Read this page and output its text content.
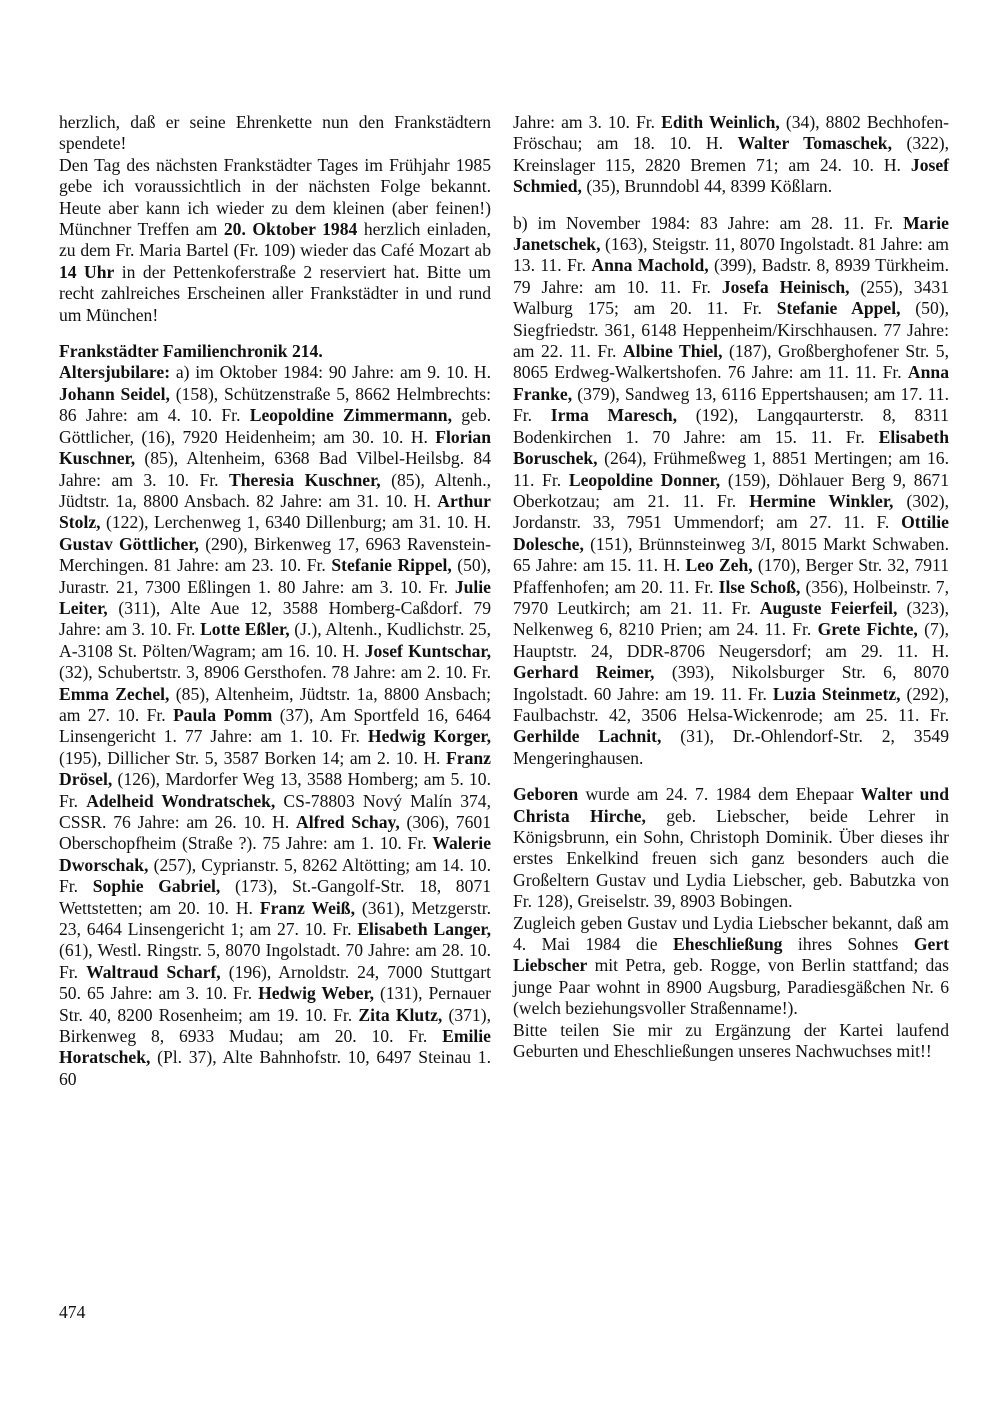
herzlich, daß er seine Ehrenkette nun den Frankstädtern spendete!

Den Tag des nächsten Frankstädter Tages im Frühjahr 1985 gebe ich voraussichtlich in der nächsten Folge bekannt. Heute aber kann ich wieder zu dem kleinen (aber feinen!) Münchner Treffen am 20. Oktober 1984 herzlich einladen, zu dem Fr. Maria Bartel (Fr. 109) wieder das Café Mozart ab 14 Uhr in der Pettenkoferstraße 2 reserviert hat. Bitte um recht zahlreiches Erscheinen aller Frankstädter in und rund um München!

Frankstädter Familienchronik 214.

Altersjubilare: a) im Oktober 1984: 90 Jahre: am 9. 10. H. Johann Seidel, (158), Schützenstraße 5, 8662 Helmbrechts: 86 Jahre: am 4. 10. Fr. Leopoldine Zimmermann, geb. Göttlicher, (16), 7920 Heidenheim; am 30. 10. H. Florian Kuschner, (85), Altenheim, 6368 Bad Vilbel-Heilsbg. 84 Jahre: am 3. 10. Fr. Theresia Kuschner, (85), Altenh., Jüdtstr. 1a, 8800 Ansbach. 82 Jahre: am 31. 10. H. Arthur Stolz, (122), Lerchenweg 1, 6340 Dillenburg; am 31. 10. H. Gustav Göttlicher, (290), Birkenweg 17, 6963 Ravenstein-Merchingen. 81 Jahre: am 23. 10. Fr. Stefanie Rippel, (50), Jurastr. 21, 7300 Eßlingen 1. 80 Jahre: am 3. 10. Fr. Julie Leiter, (311), Alte Aue 12, 3588 Homberg-Caßdorf. 79 Jahre: am 3. 10. Fr. Lotte Eßler, (J.), Altenh., Kudlichstr. 25, A-3108 St. Pölten/Wagram; am 16. 10. H. Josef Kuntschar, (32), Schubertstr. 3, 8906 Gersthofen. 78 Jahre: am 2. 10. Fr. Emma Zechel, (85), Altenheim, Jüdtstr. 1a, 8800 Ansbach; am 27. 10. Fr. Paula Pomm (37), Am Sportfeld 16, 6464 Linsengericht 1. 77 Jahre: am 1. 10. Fr. Hedwig Korger, (195), Dillicher Str. 5, 3587 Borken 14; am 2. 10. H. Franz Drösel, (126), Mardorfer Weg 13, 3588 Homberg; am 5. 10. Fr. Adelheid Wondratschek, CS-78803 Nový Malín 374, CSSR. 76 Jahre: am 26. 10. H. Alfred Schay, (306), 7601 Oberschopfheim (Straße ?). 75 Jahre: am 1. 10. Fr. Walerie Dworschak, (257), Cyprianstr. 5, 8262 Altötting; am 14. 10. Fr. Sophie Gabriel, (173), St.-Gangolf-Str. 18, 8071 Wettstetten; am 20. 10. H. Franz Weiß, (361), Metzgerstr. 23, 6464 Linsengericht 1; am 27. 10. Fr. Elisabeth Langer, (61), Westl. Ringstr. 5, 8070 Ingolstadt. 70 Jahre: am 28. 10. Fr. Waltraud Scharf, (196), Arnoldstr. 24, 7000 Stuttgart 50. 65 Jahre: am 3. 10. Fr. Hedwig Weber, (131), Pernauer Str. 40, 8200 Rosenheim; am 19. 10. Fr. Zita Klutz, (371), Birkenweg 8, 6933 Mudau; am 20. 10. Fr. Emilie Horatschek, (Pl. 37), Alte Bahnhofstr. 10, 6497 Steinau 1. 60

Jahre: am 3. 10. Fr. Edith Weinlich, (34), 8802 Bechhofen-Fröschau; am 18. 10. H. Walter Tomaschek, (322), Kreinslager 115, 2820 Bremen 71; am 24. 10. H. Josef Schmied, (35), Brunndobl 44, 8399 Kößlarn.

b) im November 1984: 83 Jahre: am 28. 11. Fr. Marie Janetschek, (163), Steigstr. 11, 8070 Ingolstadt. 81 Jahre: am 13. 11. Fr. Anna Machold, (399), Badstr. 8, 8939 Türkheim. 79 Jahre: am 10. 11. Fr. Josefa Heinisch, (255), 3431 Walburg 175; am 20. 11. Fr. Stefanie Appel, (50), Siegfriedstr. 361, 6148 Heppenheim/Kirschhausen. 77 Jahre: am 22. 11. Fr. Albine Thiel, (187), Großberghofener Str. 5, 8065 Erdweg-Walkertshofen. 76 Jahre: am 11. 11. Fr. Anna Franke, (379), Sandweg 13, 6116 Eppertshausen; am 17. 11. Fr. Irma Maresch, (192), Langqaurterstr. 8, 8311 Bodenkirchen 1. 70 Jahre: am 15. 11. Fr. Elisabeth Boruschek, (264), Frühmeßweg 1, 8851 Mertingen; am 16. 11. Fr. Leopoldine Donner, (159), Döhlauer Berg 9, 8671 Oberkotzau; am 21. 11. Fr. Hermine Winkler, (302), Jordanstr. 33, 7951 Ummendorf; am 27. 11. F. Ottilie Dolesche, (151), Brünnsteinweg 3/I, 8015 Markt Schwaben. 65 Jahre: am 15. 11. H. Leo Zeh, (170), Berger Str. 32, 7911 Pfaffenhofen; am 20. 11. Fr. Ilse Schoß, (356), Holbeinstr. 7, 7970 Leutkirch; am 21. 11. Fr. Auguste Feierfeil, (323), Nelkenweg 6, 8210 Prien; am 24. 11. Fr. Grete Fichte, (7), Hauptstr. 24, DDR-8706 Neugersdorf; am 29. 11. H. Gerhard Reimer, (393), Nikolsburger Str. 6, 8070 Ingolstadt. 60 Jahre: am 19. 11. Fr. Luzia Steinmetz, (292), Faulbachstr. 42, 3506 Helsa-Wickenrode; am 25. 11. Fr. Gerhilde Lachnit, (31), Dr.-Ohlendorf-Str. 2, 3549 Mengeringhausen.

Geboren wurde am 24. 7. 1984 dem Ehepaar Walter und Christa Hirche, geb. Liebscher, beide Lehrer in Königsbrunn, ein Sohn, Christoph Dominik. Über dieses ihr erstes Enkelkind freuen sich ganz besonders auch die Großeltern Gustav und Lydia Liebscher, geb. Babutzka von Fr. 128), Greiselstr. 39, 8903 Bobingen.

Zugleich geben Gustav und Lydia Liebscher bekannt, daß am 4. Mai 1984 die Eheschließung ihres Sohnes Gert Liebscher mit Petra, geb. Rogge, von Berlin stattfand; das junge Paar wohnt in 8900 Augsburg, Paradiesgäßchen Nr. 6 (welch beziehungsvoller Straßenname!).

Bitte teilen Sie mir zu Ergänzung der Kartei laufend Geburten und Eheschließungen unseres Nachwuchses mit!!

474
